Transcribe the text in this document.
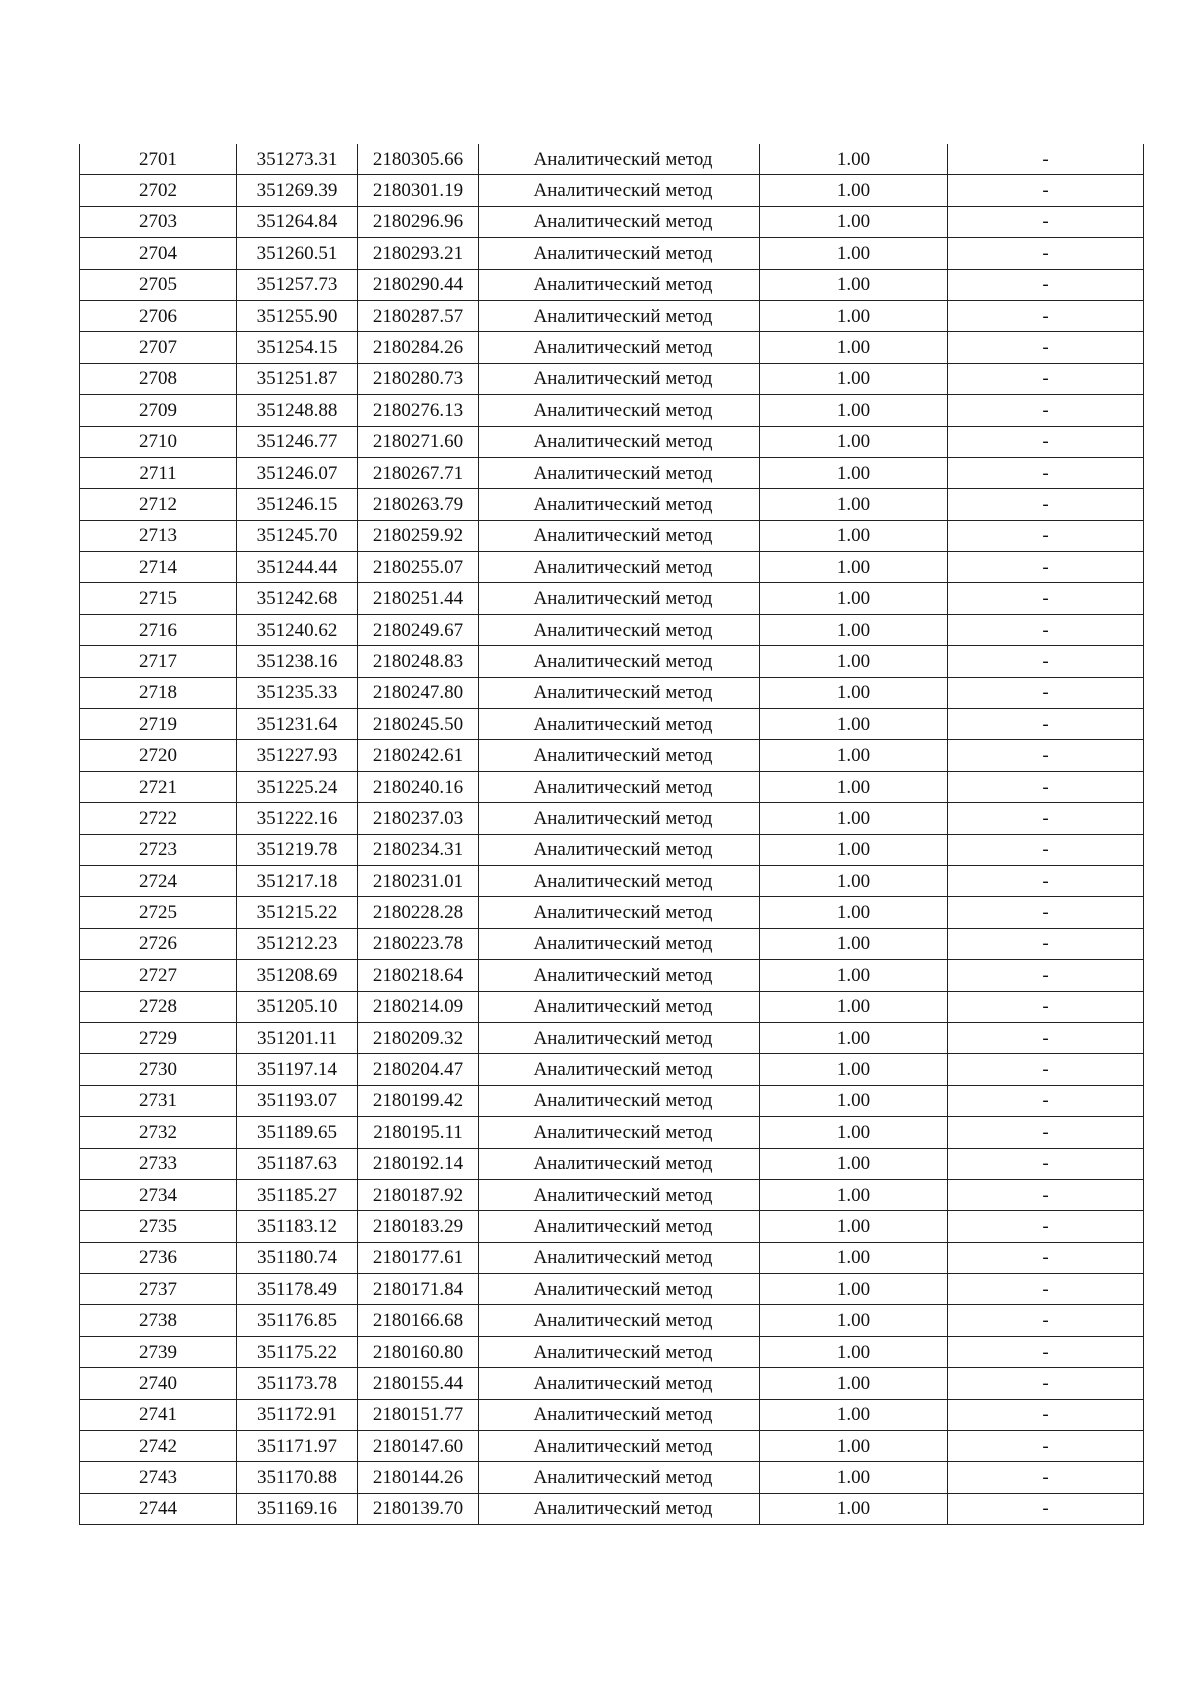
2701	351273.31	2180305.66	Аналитический метод	1.00	-
2702	351269.39	2180301.19	Аналитический метод	1.00	-
2703	351264.84	2180296.96	Аналитический метод	1.00	-
2704	351260.51	2180293.21	Аналитический метод	1.00	-
2705	351257.73	2180290.44	Аналитический метод	1.00	-
2706	351255.90	2180287.57	Аналитический метод	1.00	-
2707	351254.15	2180284.26	Аналитический метод	1.00	-
2708	351251.87	2180280.73	Аналитический метод	1.00	-
2709	351248.88	2180276.13	Аналитический метод	1.00	-
2710	351246.77	2180271.60	Аналитический метод	1.00	-
2711	351246.07	2180267.71	Аналитический метод	1.00	-
2712	351246.15	2180263.79	Аналитический метод	1.00	-
2713	351245.70	2180259.92	Аналитический метод	1.00	-
2714	351244.44	2180255.07	Аналитический метод	1.00	-
2715	351242.68	2180251.44	Аналитический метод	1.00	-
2716	351240.62	2180249.67	Аналитический метод	1.00	-
2717	351238.16	2180248.83	Аналитический метод	1.00	-
2718	351235.33	2180247.80	Аналитический метод	1.00	-
2719	351231.64	2180245.50	Аналитический метод	1.00	-
2720	351227.93	2180242.61	Аналитический метод	1.00	-
2721	351225.24	2180240.16	Аналитический метод	1.00	-
2722	351222.16	2180237.03	Аналитический метод	1.00	-
2723	351219.78	2180234.31	Аналитический метод	1.00	-
2724	351217.18	2180231.01	Аналитический метод	1.00	-
2725	351215.22	2180228.28	Аналитический метод	1.00	-
2726	351212.23	2180223.78	Аналитический метод	1.00	-
2727	351208.69	2180218.64	Аналитический метод	1.00	-
2728	351205.10	2180214.09	Аналитический метод	1.00	-
2729	351201.11	2180209.32	Аналитический метод	1.00	-
2730	351197.14	2180204.47	Аналитический метод	1.00	-
2731	351193.07	2180199.42	Аналитический метод	1.00	-
2732	351189.65	2180195.11	Аналитический метод	1.00	-
2733	351187.63	2180192.14	Аналитический метод	1.00	-
2734	351185.27	2180187.92	Аналитический метод	1.00	-
2735	351183.12	2180183.29	Аналитический метод	1.00	-
2736	351180.74	2180177.61	Аналитический метод	1.00	-
2737	351178.49	2180171.84	Аналитический метод	1.00	-
2738	351176.85	2180166.68	Аналитический метод	1.00	-
2739	351175.22	2180160.80	Аналитический метод	1.00	-
2740	351173.78	2180155.44	Аналитический метод	1.00	-
2741	351172.91	2180151.77	Аналитический метод	1.00	-
2742	351171.97	2180147.60	Аналитический метод	1.00	-
2743	351170.88	2180144.26	Аналитический метод	1.00	-
2744	351169.16	2180139.70	Аналитический метод	1.00	-
